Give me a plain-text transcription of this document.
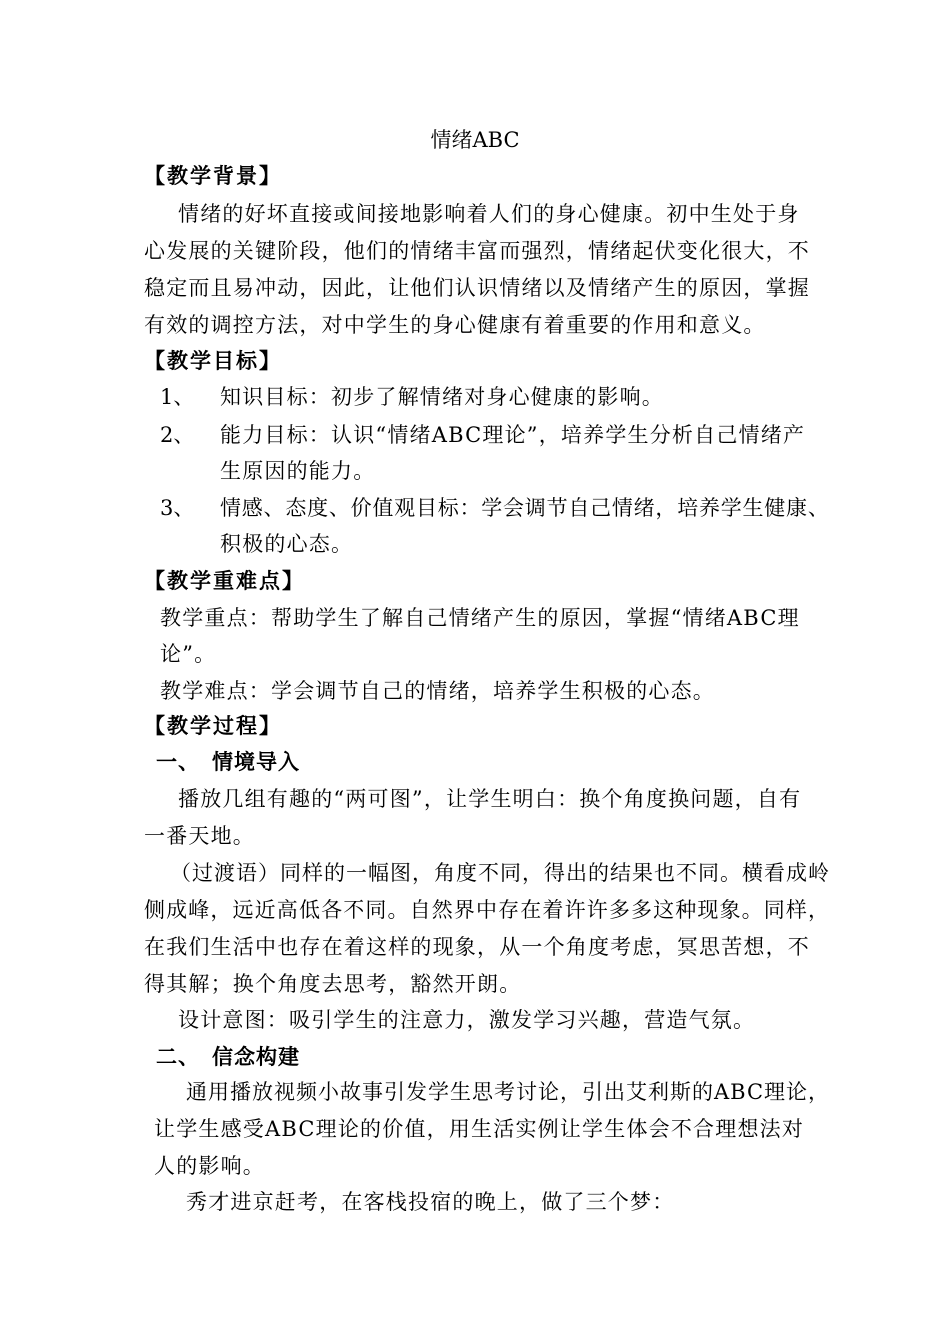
情绪ABC
【教学背景】
情绪的好坏直接或间接地影响着人们的身心健康。初中生处于身
心发展的关键阶段，他们的情绪丰富而强烈，情绪起伏变化很大，不
稳定而且易冲动，因此，让他们认识情绪以及情绪产生的原因，掌握
有效的调控方法，对中学生的身心健康有着重要的作用和意义。
【教学目标】
1、 知识目标：初步了解情绪对身心健康的影响。
2、 能力目标：认识“情绪ABC理论”，培养学生分析自己情绪产
生原因的能力。
3、 情感、态度、价值观目标：学会调节自己情绪，培养学生健康、
积极的心态。
【教学重难点】
教学重点：帮助学生了解自己情绪产生的原因，掌握“情绪ABC理
论”。
教学难点：学会调节自己的情绪，培养学生积极的心态。
【教学过程】
一、 情境导入
播放几组有趣的“两可图”，让学生明白：换个角度换问题，自有
一番天地。
（过渡语）同样的一幅图，角度不同，得出的结果也不同。横看成岭
侧成峰，远近高低各不同。自然界中存在着许许多多这种现象。同样，
在我们生活中也存在着这样的现象，从一个角度考虑，冥思苦想，不
得其解；换个角度去思考，豁然开朗。
设计意图：吸引学生的注意力，激发学习兴趣，营造气氛。
二、 信念构建
通用播放视频小故事引发学生思考讨论，引出艾利斯的ABC理论，
让学生感受ABC理论的价值，用生活实例让学生体会不合理想法对
人的影响。
秀才进京赶考，在客栈投宿的晚上，做了三个梦：
